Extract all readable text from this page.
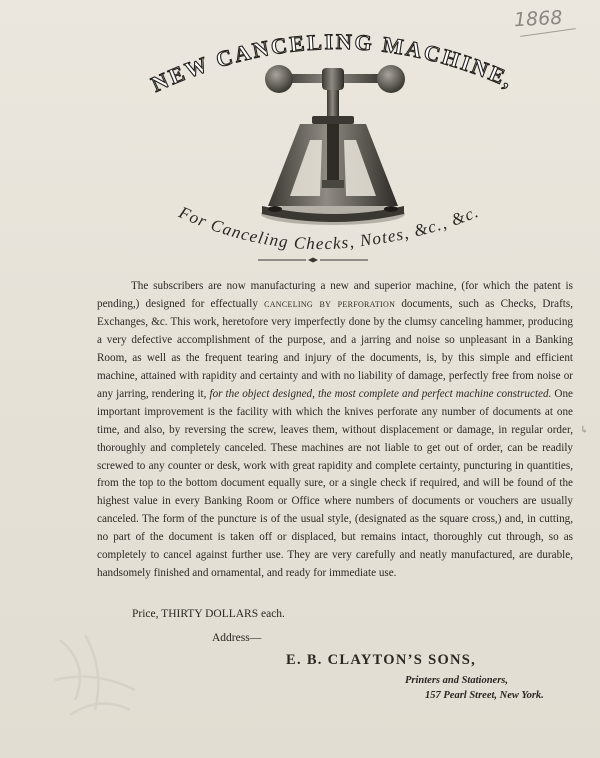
1868
NEW CANCELING MACHINE,
For Canceling Checks, Notes, &c., &c.

The subscribers are now manufacturing a new and superior machine, (for which the patent is pending,) designed for effectually canceling by perforation documents, such as Checks, Drafts, Exchanges, &c. This work, heretofore very imperfectly done by the clumsy canceling hammer, producing a very defective accomplishment of the purpose, and a jarring and noise so unpleasant in a Banking Room, as well as the frequent tearing and injury of the documents, is, by this simple and efficient machine, attained with rapidity and certainty and with no liability of damage, perfectly free from noise or any jarring, rendering it, for the object designed, the most complete and perfect machine constructed. One important improvement is the facility with which the knives perforate any number of documents at one time, and also, by reversing the screw, leaves them, without displacement or damage, in regular order, thoroughly and completely canceled. These machines are not liable to get out of order, can be readily screwed to any counter or desk, work with great rapidity and complete certainty, puncturing in quantities, from the top to the bottom document equally sure, or a single check if required, and will be found of the highest value in every Banking Room or Office where numbers of documents or vouchers are usually canceled. The form of the puncture is of the usual style, (designated as the square cross,) and, in cutting, no part of the document is taken off or displaced, but remains intact, thoroughly cut through, so as completely to cancel against further use. They are very carefully and neatly manufactured, are durable, handsomely finished and ornamental, and ready for immediate use.

Price, THIRTY DOLLARS each.
Address—
E. B. CLAYTON’S SONS,
Printers and Stationers,
157 Pearl Street, New York.
↳
